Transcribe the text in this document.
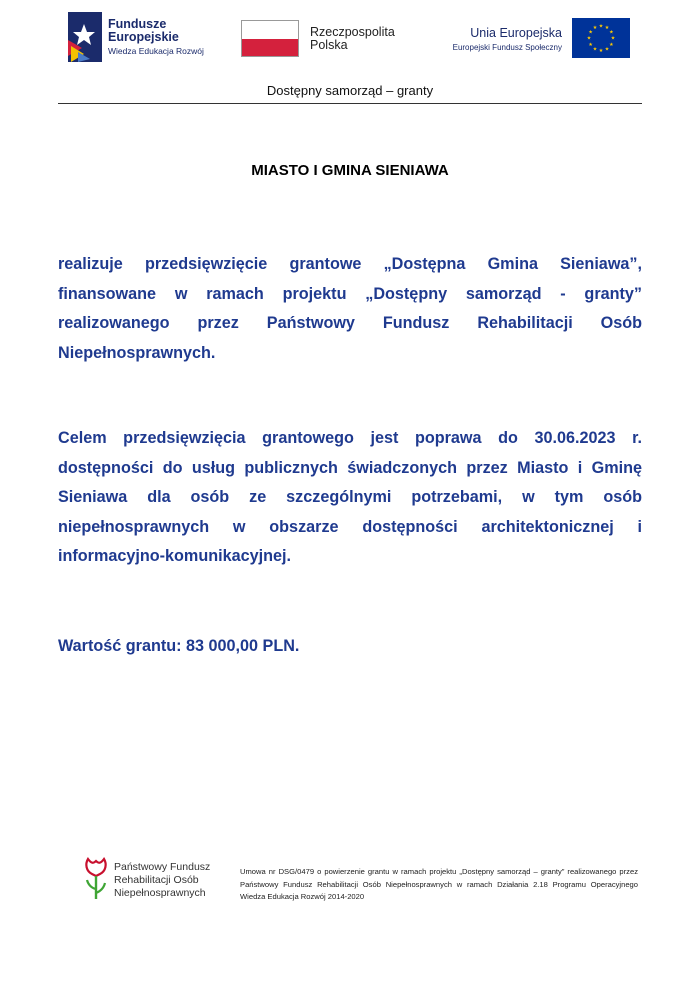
Fundusze Europejskie
Wiedza Edukacja Rozwój
Rzeczpospolita Polska
Unia Europejska
Europejski Fundusz Społeczny
★ ★
★
★
★
★
★
★
★
★
★
★
Dostępny samorząd – granty
MIASTO I GMINA SIENIAWA
realizuje przedsięwzięcie grantowe „Dostępna Gmina Sieniawa”, finansowane w ramach projektu „Dostępny samorząd - granty” realizowanego przez Państwowy Fundusz Rehabilitacji Osób Niepełnosprawnych.
Celem przedsięwzięcia grantowego jest poprawa do 30.06.2023 r. dostępności do usług publicznych świadczonych przez Miasto i Gminę Sieniawa dla osób ze szczególnymi potrzebami, w tym osób niepełnosprawnych w obszarze dostępności architektonicznej i informacyjno-komunikacyjnej.
Wartość grantu: 83 000,00 PLN.
Państwowy Fundusz
Rehabilitacji Osób
Niepełnosprawnych
Umowa nr DSG/0479 o powierzenie grantu w ramach projektu „Dostępny samorząd – granty” realizowanego przez Państwowy Fundusz Rehabilitacji Osób Niepełnosprawnych w ramach Działania 2.18 Programu Operacyjnego Wiedza Edukacja Rozwój 2014-2020
